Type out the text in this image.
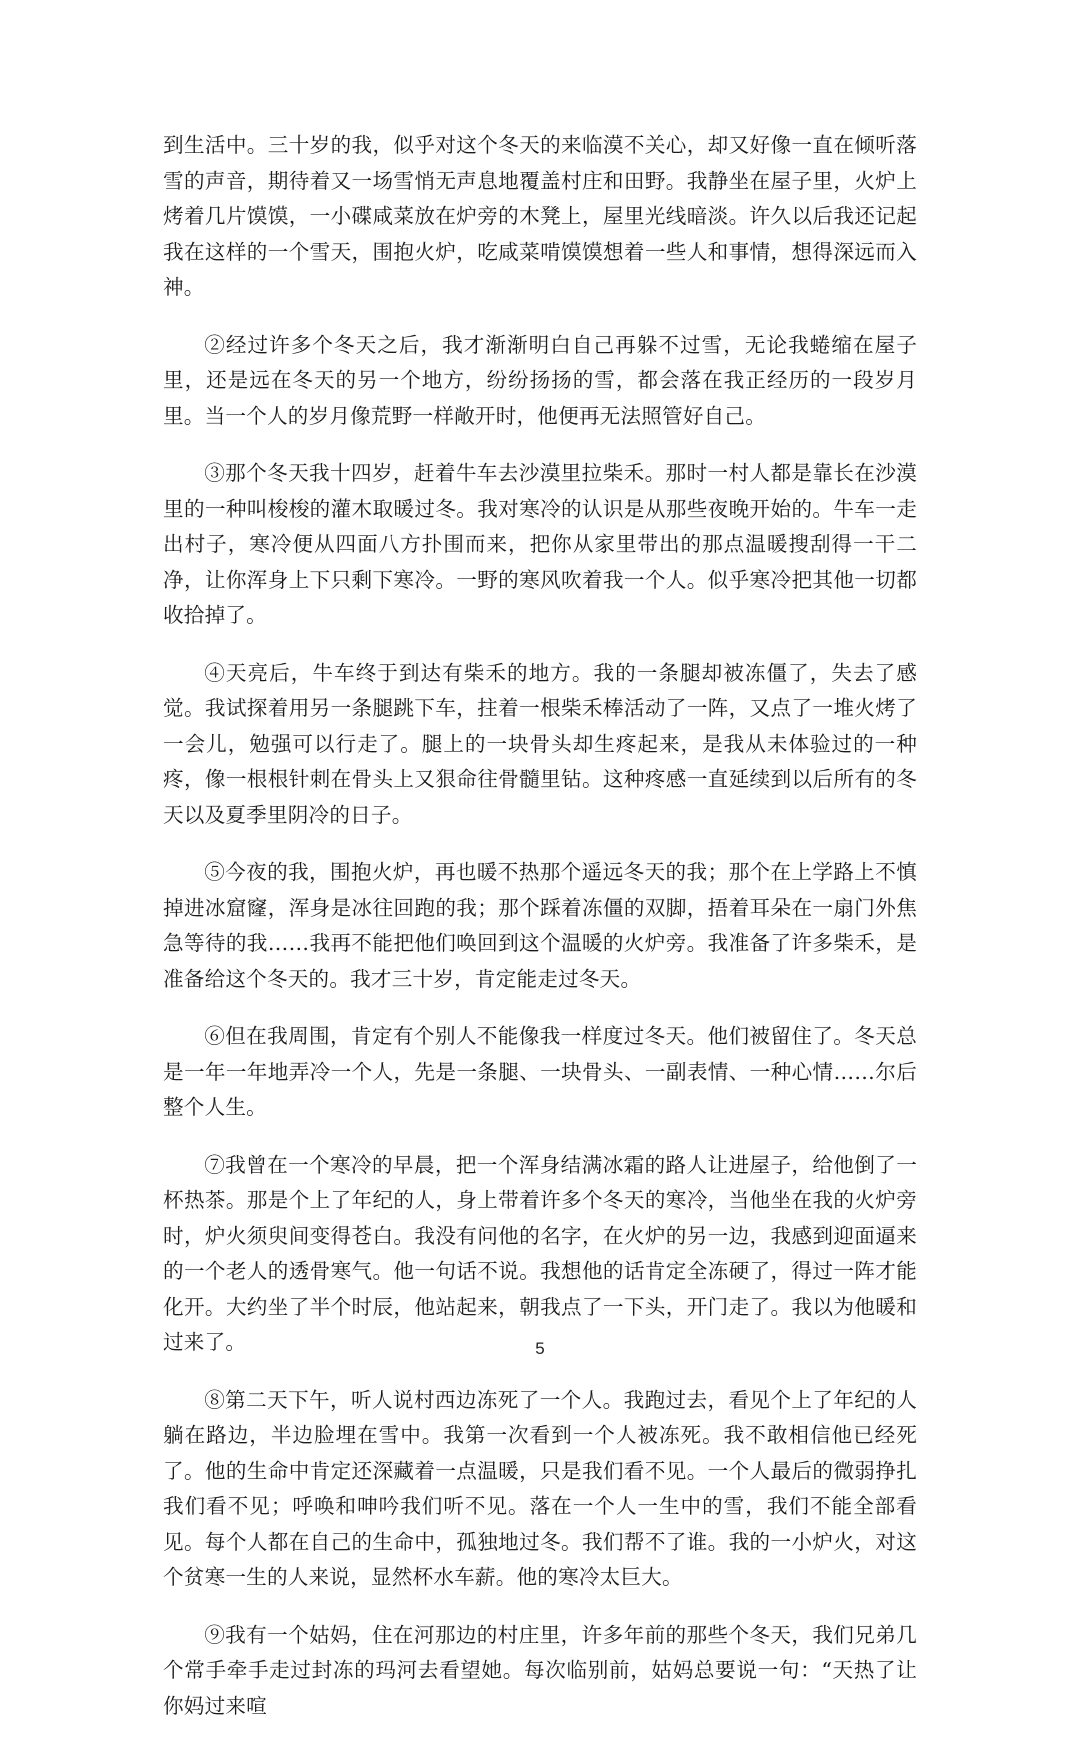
到生活中。三十岁的我，似乎对这个冬天的来临漠不关心，却又好像一直在倾听落雪的声音，期待着又一场雪悄无声息地覆盖村庄和田野。我静坐在屋子里，火炉上烤着几片馍馍，一小碟咸菜放在炉旁的木凳上，屋里光线暗淡。许久以后我还记起我在这样的一个雪天，围抱火炉，吃咸菜啃馍馍想着一些人和事情，想得深远而入神。

②经过许多个冬天之后，我才渐渐明白自己再躲不过雪，无论我蜷缩在屋子里，还是远在冬天的另一个地方，纷纷扬扬的雪，都会落在我正经历的一段岁月里。当一个人的岁月像荒野一样敞开时，他便再无法照管好自己。

③那个冬天我十四岁，赶着牛车去沙漠里拉柴禾。那时一村人都是靠长在沙漠里的一种叫梭梭的灌木取暖过冬。我对寒冷的认识是从那些夜晚开始的。牛车一走出村子，寒冷便从四面八方扑围而来，把你从家里带出的那点温暖搜刮得一干二净，让你浑身上下只剩下寒冷。一野的寒风吹着我一个人。似乎寒冷把其他一切都收拾掉了。

④天亮后，牛车终于到达有柴禾的地方。我的一条腿却被冻僵了，失去了感觉。我试探着用另一条腿跳下车，拄着一根柴禾棒活动了一阵，又点了一堆火烤了一会儿，勉强可以行走了。腿上的一块骨头却生疼起来，是我从未体验过的一种疼，像一根根针刺在骨头上又狠命往骨髓里钻。这种疼感一直延续到以后所有的冬天以及夏季里阴冷的日子。

⑤今夜的我，围抱火炉，再也暖不热那个遥远冬天的我；那个在上学路上不慎掉进冰窟窿，浑身是冰往回跑的我；那个踩着冻僵的双脚，捂着耳朵在一扇门外焦急等待的我……我再不能把他们唤回到这个温暖的火炉旁。我准备了许多柴禾，是准备给这个冬天的。我才三十岁，肯定能走过冬天。

⑥但在我周围，肯定有个别人不能像我一样度过冬天。他们被留住了。冬天总是一年一年地弄冷一个人，先是一条腿、一块骨头、一副表情、一种心情……尔后整个人生。

⑦我曾在一个寒冷的早晨，把一个浑身结满冰霜的路人让进屋子，给他倒了一杯热茶。那是个上了年纪的人，身上带着许多个冬天的寒冷，当他坐在我的火炉旁时，炉火须臾间变得苍白。我没有问他的名字，在火炉的另一边，我感到迎面逼来的一个老人的透骨寒气。他一句话不说。我想他的话肯定全冻硬了，得过一阵才能化开。大约坐了半个时辰，他站起来，朝我点了一下头，开门走了。我以为他暖和过来了。

⑧第二天下午，听人说村西边冻死了一个人。我跑过去，看见个上了年纪的人躺在路边，半边脸埋在雪中。我第一次看到一个人被冻死。我不敢相信他已经死了。他的生命中肯定还深藏着一点温暖，只是我们看不见。一个人最后的微弱挣扎我们看不见；呼唤和呻吟我们听不见。落在一个人一生中的雪，我们不能全部看见。每个人都在自己的生命中，孤独地过冬。我们帮不了谁。我的一小炉火，对这个贫寒一生的人来说，显然杯水车薪。他的寒冷太巨大。

⑨我有一个姑妈，住在河那边的村庄里，许多年前的那些个冬天，我们兄弟几个常手牵手走过封冻的玛河去看望她。每次临别前，姑妈总要说一句：“天热了让你妈过来喧

5
